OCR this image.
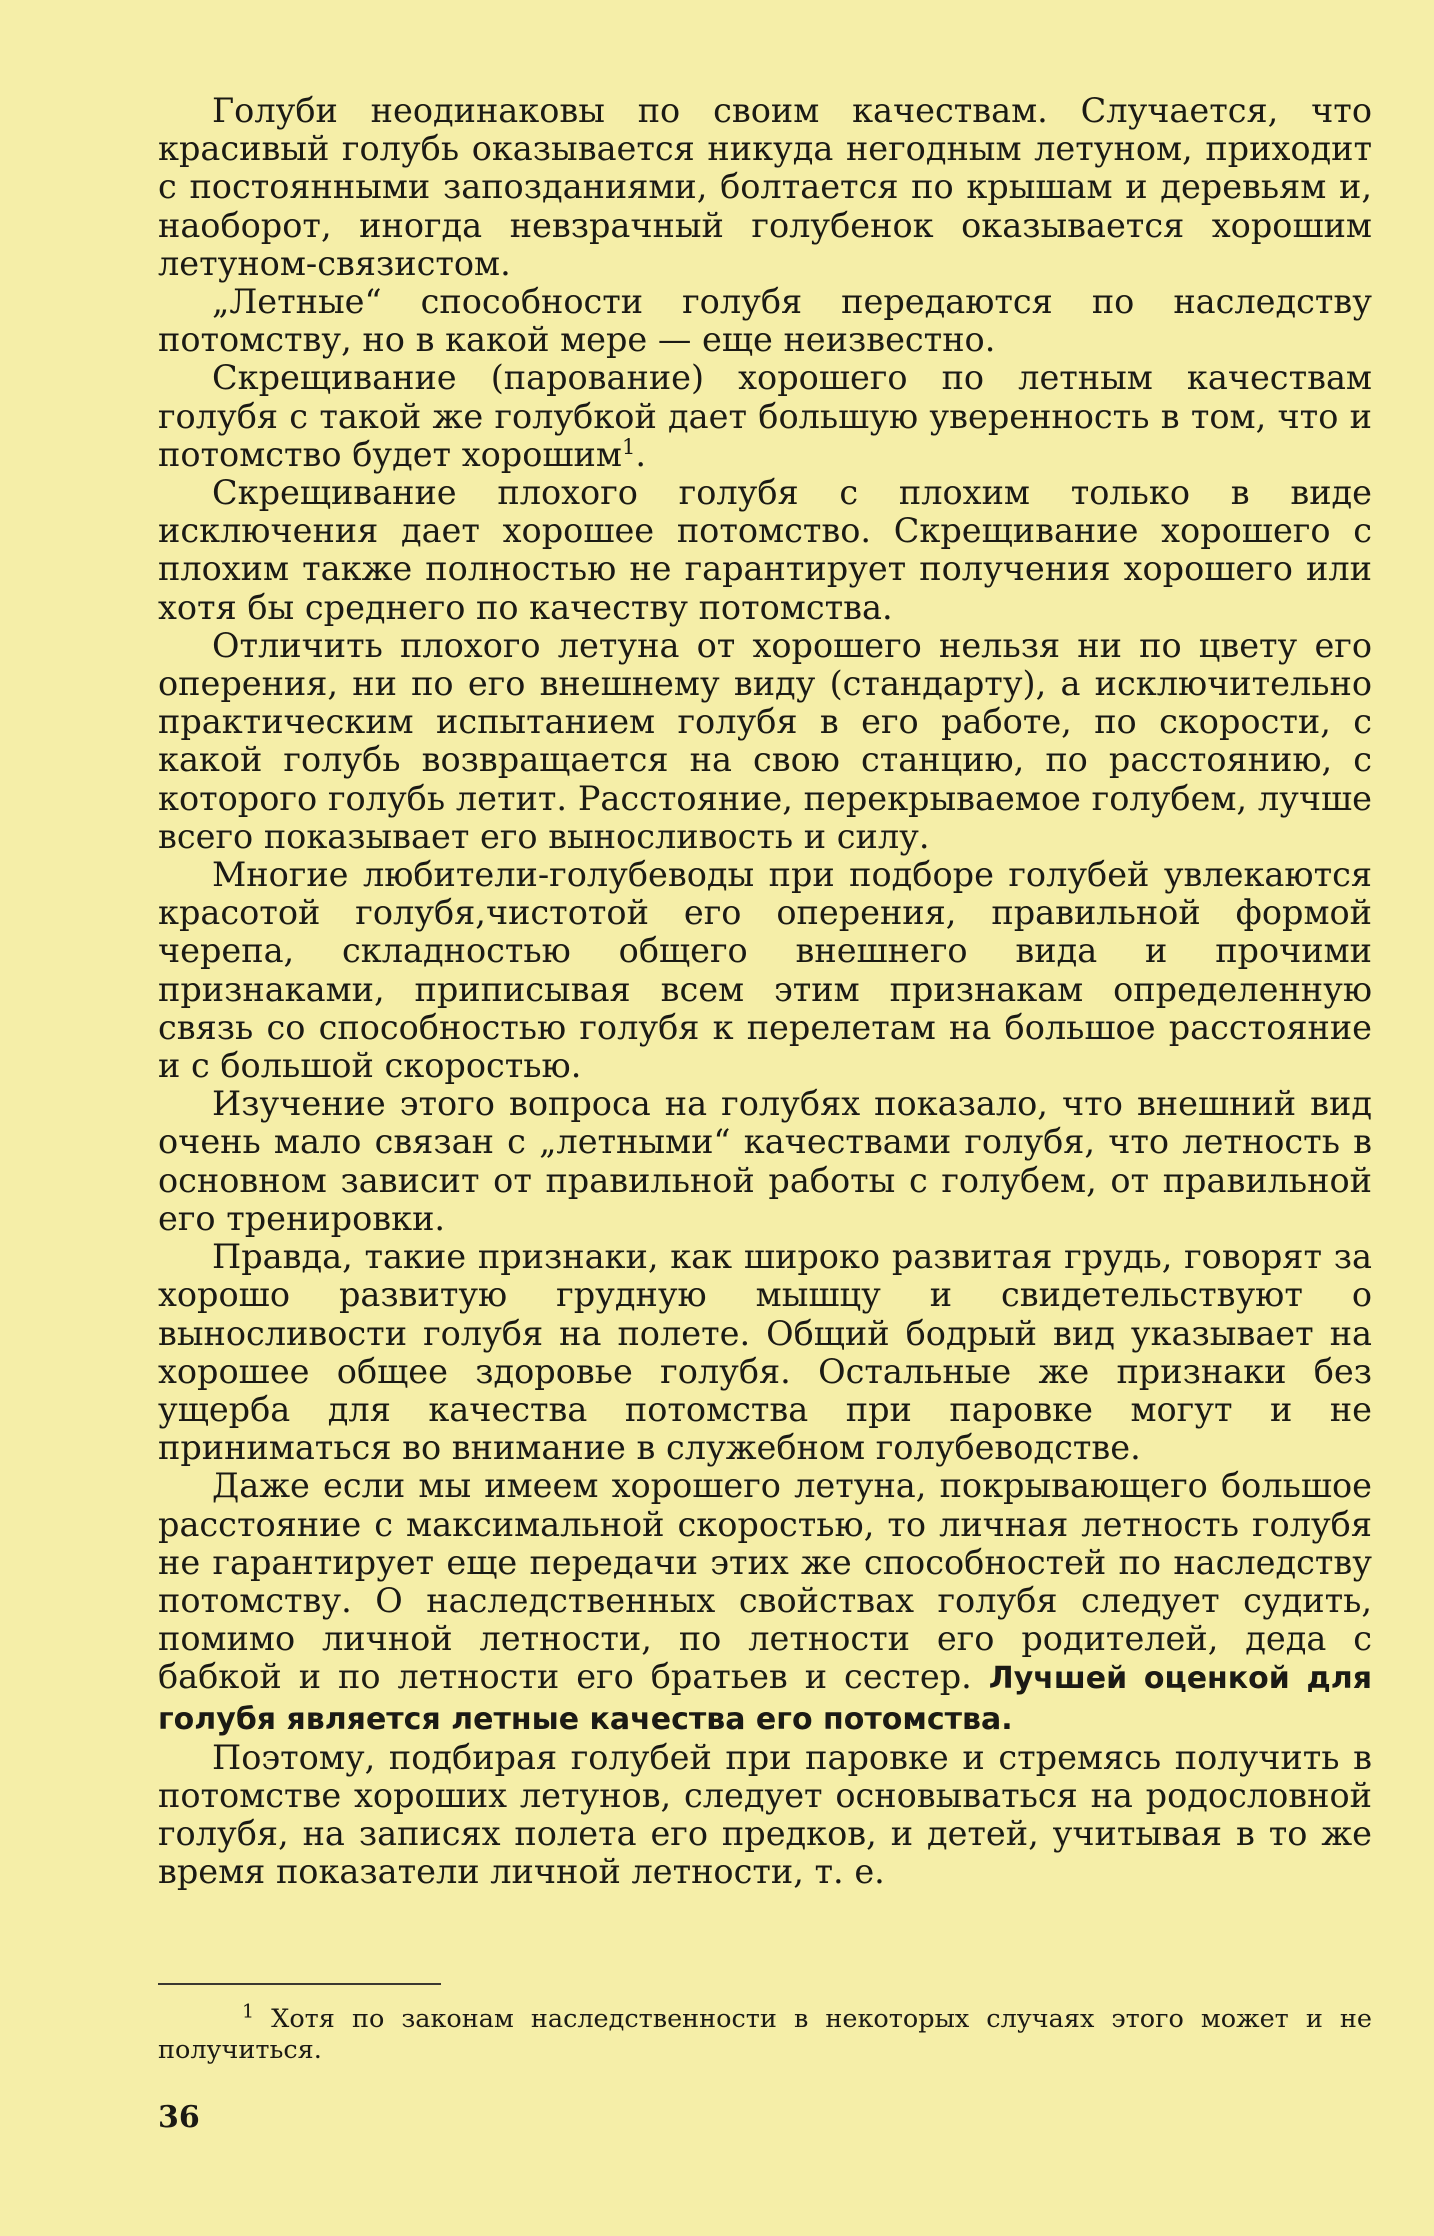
Голуби неодинаковы по своим качествам. Случается, что красивый голубь оказывается никуда негодным летуном, приходит с постоянными запозданиями, болтается по крышам и деревьям и, наоборот, иногда невзрачный голубенок оказывается хорошим летуном-связистом.

„Летные“ способности голубя передаются по наследству потомству, но в какой мере — еще неизвестно.

Скрещивание (парование) хорошего по летным качествам голубя с такой же голубкой дает большую уверенность в том, что и потомство будет хорошим$^1$.

Скрещивание плохого голубя с плохим только в виде исключения дает хорошее потомство. Скрещивание хорошего с плохим также полностью не гарантирует получения хорошего или хотя бы среднего по качеству потомства.

Отличить плохого летуна от хорошего нельзя ни по цвету его оперения, ни по его внешнему виду (стандарту), а исключительно практическим испытанием голубя в его работе, по скорости, с какой голубь возвращается на свою станцию, по расстоянию, с которого голубь летит. Расстояние, перекрываемое голубем, лучше всего показывает его выносливость и силу.

Многие любители-голубеводы при подборе голубей увлекаются красотой голубя,чистотой его оперения, правильной формой черепа, складностью общего внешнего вида и прочими признаками, приписывая всем этим признакам определенную связь со способностью голубя к перелетам на большое расстояние и с большой скоростью.

Изучение этого вопроса на голубях показало, что внешний вид очень мало связан с „летными“ качествами голубя, что летность в основном зависит от правильной работы с голубем, от правильной его тренировки.

Правда, такие признаки, как широко развитая грудь, говорят за хорошо развитую грудную мышцу и свидетельствуют о выносливости голубя на полете. Общий бодрый вид указывает на хорошее общее здоровье голубя. Остальные же признаки без ущерба для качества потомства при паровке могут и не приниматься во внимание в служебном голубеводстве.

Даже если мы имеем хорошего летуна, покрывающего большое расстояние с максимальной скоростью, то личная летность голубя не гарантирует еще передачи этих же способностей по наследству потомству. О наследственных свойствах голубя следует судить, помимо личной летности, по летности его родителей, деда с бабкой и по летности его братьев и сестер. Лучшей оценкой для голубя является летные качества его потомства.

Поэтому, подбирая голубей при паровке и стремясь получить в потомстве хороших летунов, следует основываться на родословной голубя, на записях полета его предков, и детей, учитывая в то же время показатели личной летности, т. е.

$^1$ Хотя по законам наследственности в некоторых случаях этого может и не получиться.

36
